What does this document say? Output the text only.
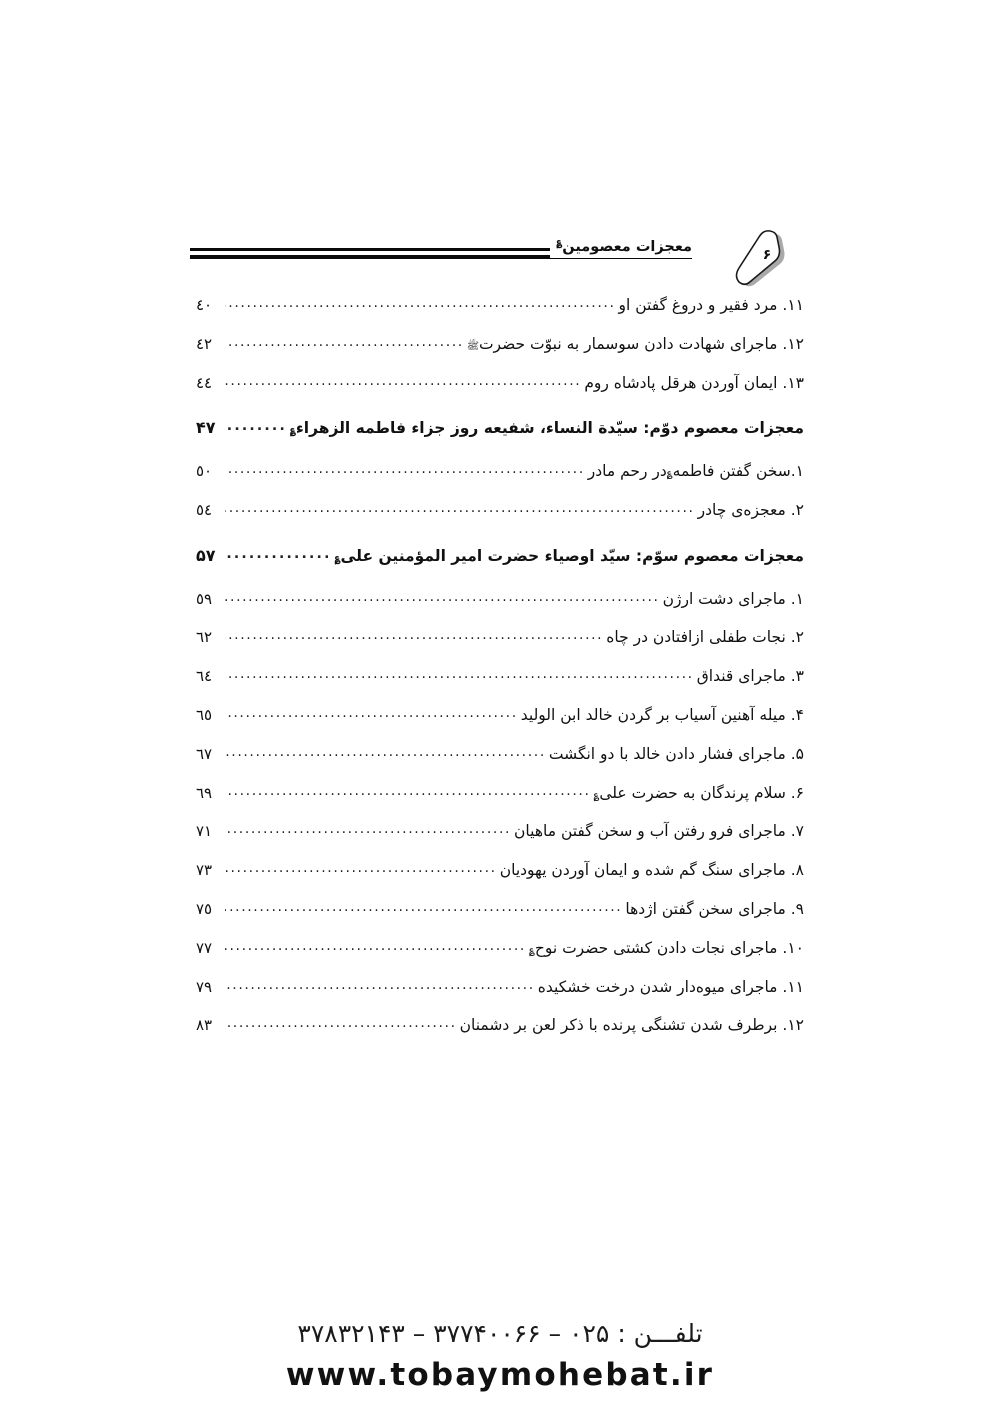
معجزات معصومین؏
۶
۱۱. مرد فقیر و دروغ گفتن او
.....
٤٠
۱۲. ماجرای شهادت دادن سوسمار به نبوّت حضرت
ﷺ
.....
٤٢
۱۳. ایمان آوردن هرقل پادشاه روم
.....
٤٤
معجزات معصوم دوّم: سیّدة النساء، شفیعه روز جزاء فاطمه الزهراء
؏
.....
۴۷
۱.سخن گفتن فاطمه
؏
در رحم مادر
.....
٥٠
۲. معجزه‌ی چادر
.....
٥٤
معجزات معصوم سوّم: سیّد اوصیاء حضرت امیر المؤمنین علی
؏
.....
۵۷
۱. ماجرای دشت ارژن
.....
٥٩
۲. نجات طفلی ازافتادن در چاه
.....
٦٢
۳. ماجرای قنداق
.....
٦٤
۴. میله آهنین آسیاب بر گردن خالد ابن الولید
.....
٦٥
۵. ماجرای فشار دادن خالد با دو انگشت
.....
٦٧
۶. سلام پرندگان به حضرت علی
؏
.....
٦٩
۷. ماجرای فرو رفتن آب و سخن گفتن ماهیان
.....
٧١
۸. ماجرای سنگ گم شده و ایمان آوردن یهودیان
.....
٧٣
۹. ماجرای سخن گفتن اژدها
.....
٧٥
۱۰. ماجرای نجات دادن کشتی حضرت نوح
؏
.....
٧٧
۱۱. ماجرای میوه‌دار شدن درخت خشکیده
.....
٧٩
۱۲. برطرف شدن تشنگی پرنده با ذکر لعن بر دشمنان
.....
٨٣
تلفـــن : ۰۲۵ – ۳۷۷۴۰۰۶۶ – ۳۷۸۳۲۱۴۳
www.tobaymohebat.ir
